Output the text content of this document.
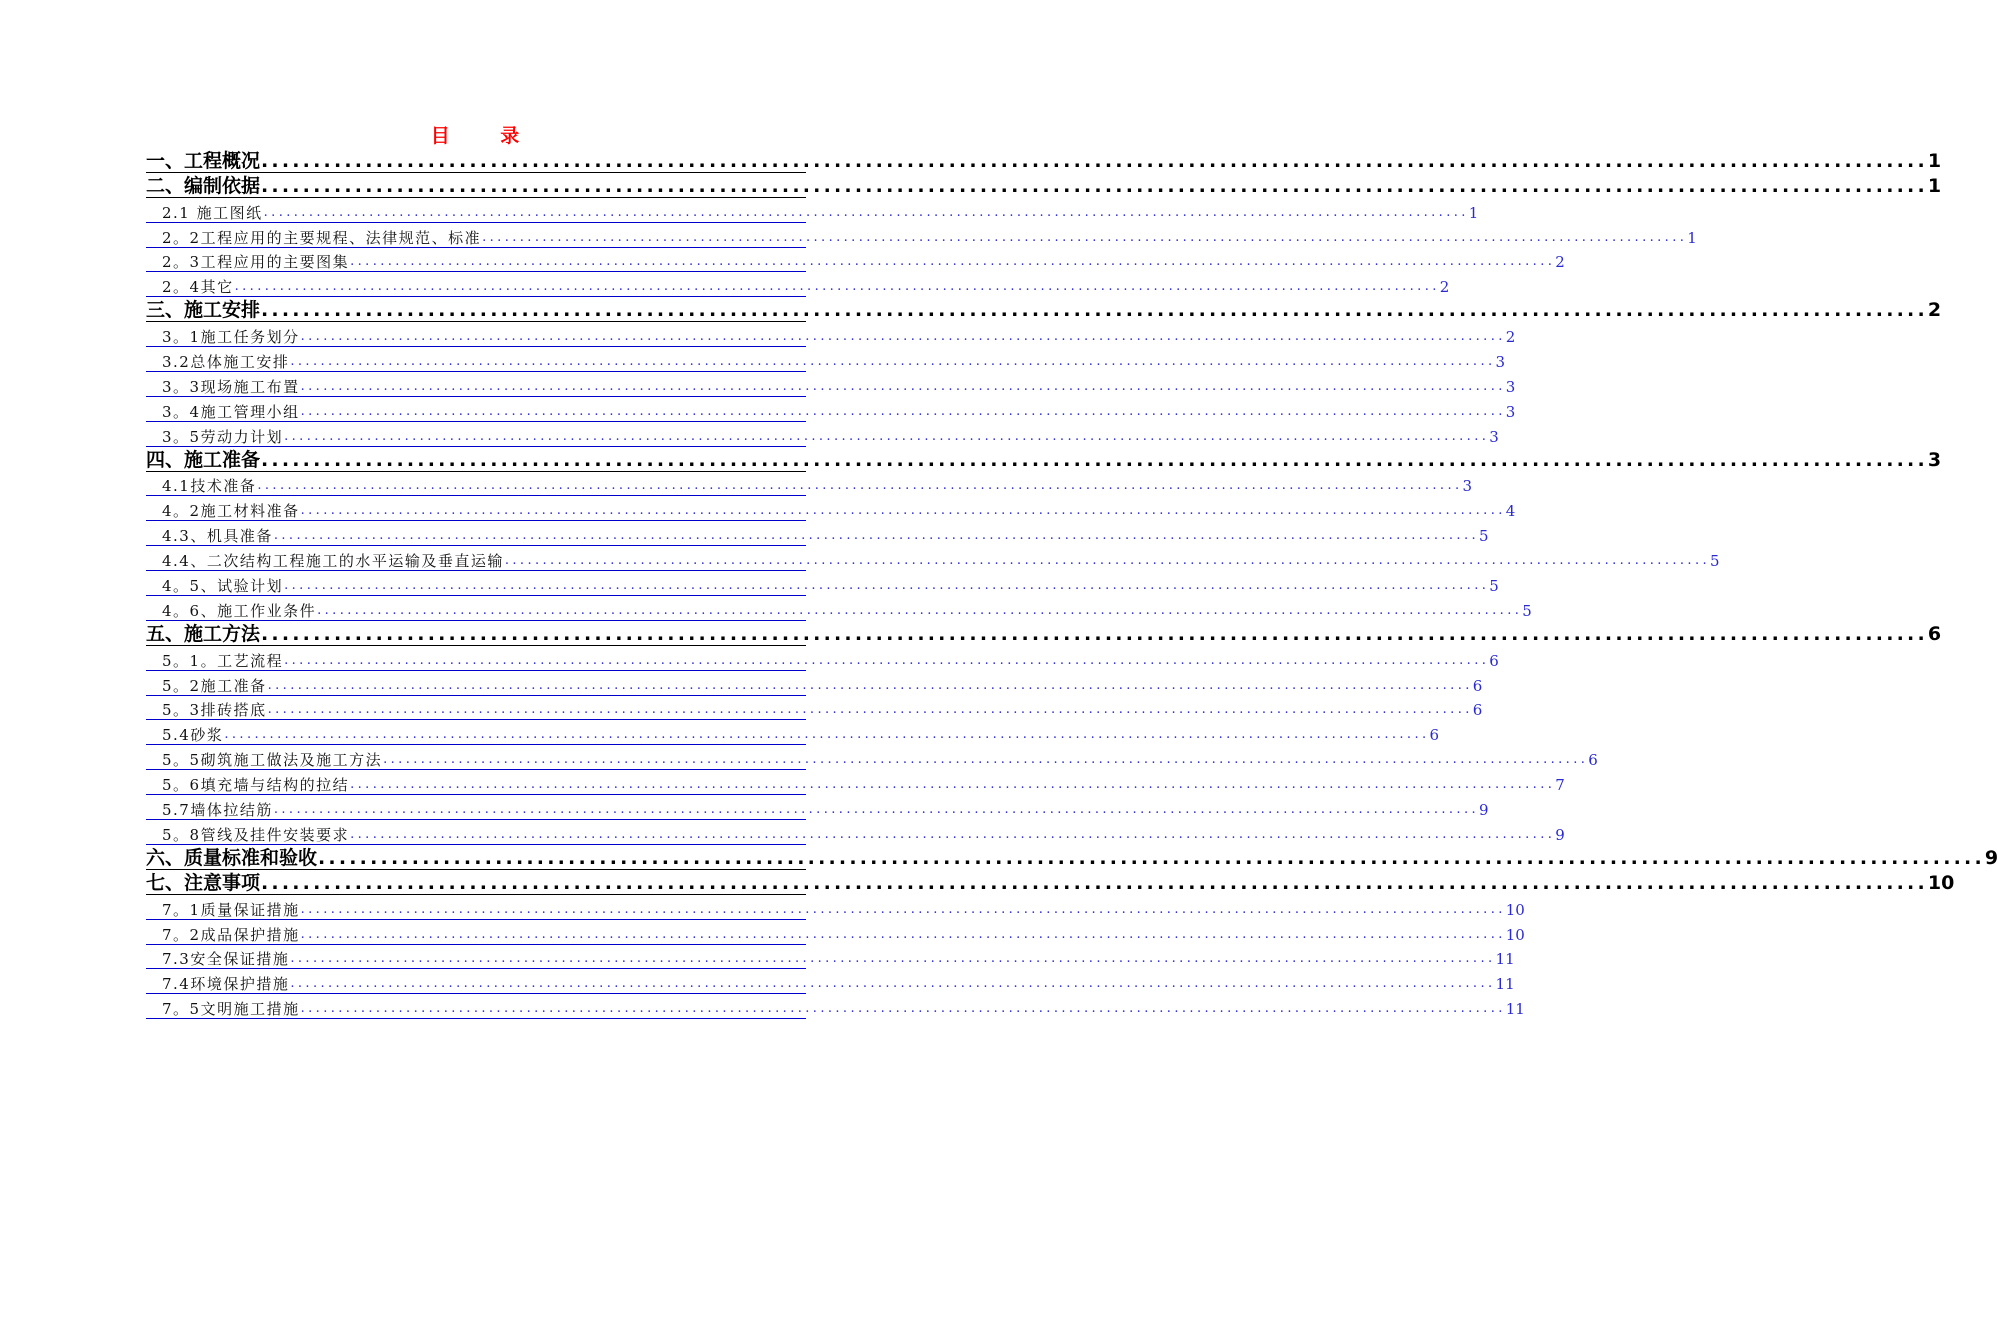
目 录
一、工程概况 ................................................................................................................................................................ 1
二、编制依据 ................................................................................................................................................................ 1
2.1 施工图纸 ................................................................................................................................................................ 1
2。2工程应用的主要规程、法律规范、标准 ................................................................................................................................................................ 1
2。3工程应用的主要图集 ................................................................................................................................................................ 2
2。4其它 ................................................................................................................................................................ 2
三、施工安排 ................................................................................................................................................................ 2
3。1施工任务划分 ................................................................................................................................................................ 2
3.2总体施工安排 ................................................................................................................................................................ 3
3。3现场施工布置 ................................................................................................................................................................ 3
3。4施工管理小组 ................................................................................................................................................................ 3
3。5劳动力计划 ................................................................................................................................................................ 3
四、施工准备 ................................................................................................................................................................ 3
4.1技术准备 ................................................................................................................................................................ 3
4。2施工材料准备 ................................................................................................................................................................ 4
4.3、机具准备 ................................................................................................................................................................ 5
4.4、二次结构工程施工的水平运输及垂直运输 ................................................................................................................................................................ 5
4。5、试验计划 ................................................................................................................................................................ 5
4。6、施工作业条件 ................................................................................................................................................................ 5
五、施工方法 ................................................................................................................................................................ 6
5。1。工艺流程 ................................................................................................................................................................ 6
5。2施工准备 ................................................................................................................................................................ 6
5。3排砖搭底 ................................................................................................................................................................ 6
5.4砂浆 ................................................................................................................................................................ 6
5。5砌筑施工做法及施工方法 ................................................................................................................................................................ 6
5。6填充墙与结构的拉结 ................................................................................................................................................................ 7
5.7墙体拉结筋 ................................................................................................................................................................ 9
5。8管线及挂件安装要求 ................................................................................................................................................................ 9
六、质量标准和验收 ................................................................................................................................................................ 9
七、注意事项 ................................................................................................................................................................ 10
7。1质量保证措施 ................................................................................................................................................................ 10
7。2成品保护措施 ................................................................................................................................................................ 10
7.3安全保证措施 ................................................................................................................................................................ 11
7.4环境保护措施 ................................................................................................................................................................ 11
7。5文明施工措施 ................................................................................................................................................................ 11
